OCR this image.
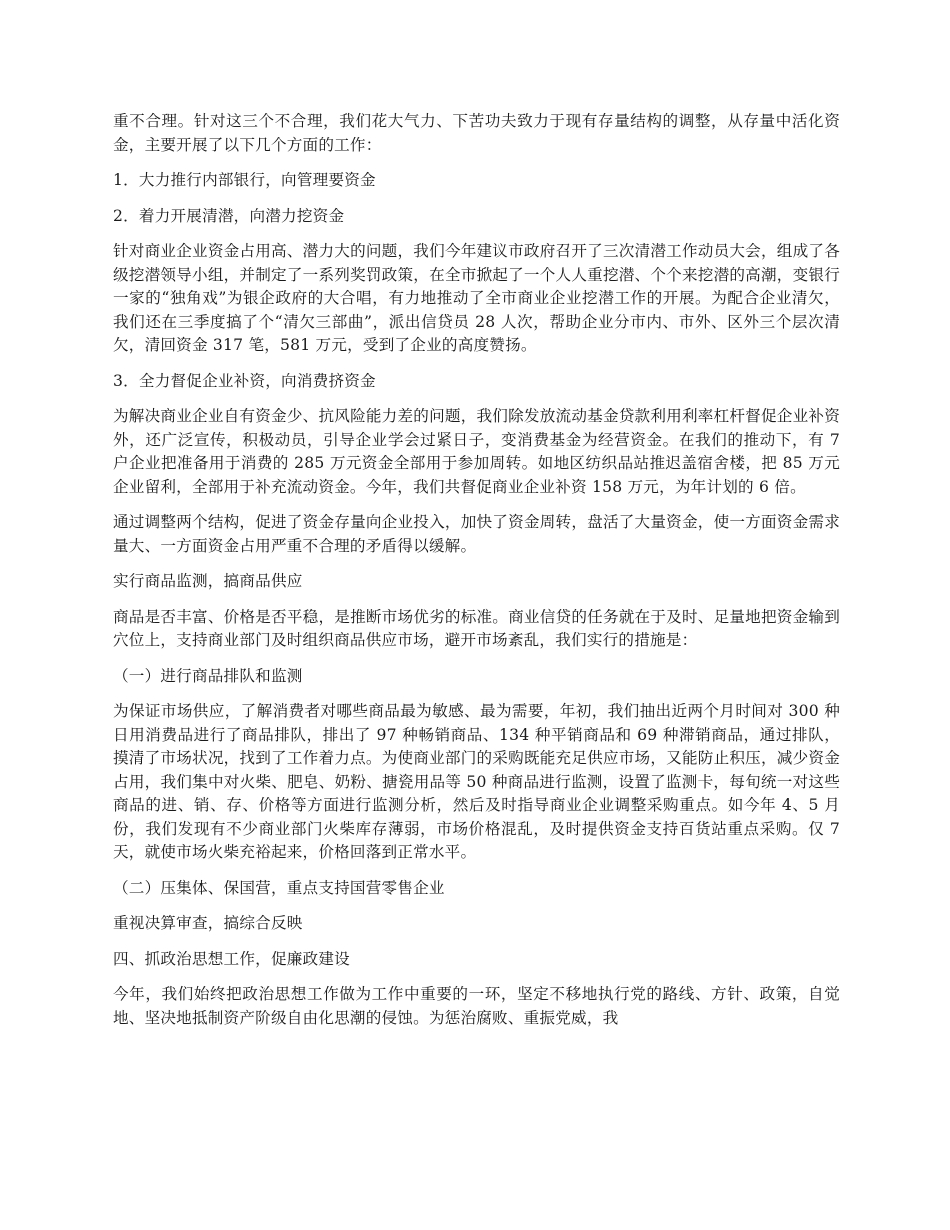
重不合理。针对这三个不合理，我们花大气力、下苦功夫致力于现有存量结构的调整，从存量中活化资金，主要开展了以下几个方面的工作：

1．大力推行内部银行，向管理要资金

2．着力开展清潜，向潜力挖资金

针对商业企业资金占用高、潜力大的问题，我们今年建议市政府召开了三次清潜工作动员大会，组成了各级挖潜领导小组，并制定了一系列奖罚政策，在全市掀起了一个人人重挖潜、个个来挖潜的高潮，变银行一家的“独角戏”为银企政府的大合唱，有力地推动了全市商业企业挖潜工作的开展。为配合企业清欠，我们还在三季度搞了个“清欠三部曲”，派出信贷员 28 人次，帮助企业分市内、市外、区外三个层次清欠，清回资金 317 笔，581 万元，受到了企业的高度赞扬。

3．全力督促企业补资，向消费挤资金

为解决商业企业自有资金少、抗风险能力差的问题，我们除发放流动基金贷款利用利率杠杆督促企业补资外，还广泛宣传，积极动员，引导企业学会过紧日子，变消费基金为经营资金。在我们的推动下，有 7 户企业把准备用于消费的 285 万元资金全部用于参加周转。如地区纺织品站推迟盖宿舍楼，把 85 万元企业留利，全部用于补充流动资金。今年，我们共督促商业企业补资 158 万元，为年计划的 6 倍。

通过调整两个结构，促进了资金存量向企业投入，加快了资金周转，盘活了大量资金，使一方面资金需求量大、一方面资金占用严重不合理的矛盾得以缓解。

实行商品监测，搞商品供应

商品是否丰富、价格是否平稳，是推断市场优劣的标准。商业信贷的任务就在于及时、足量地把资金输到穴位上，支持商业部门及时组织商品供应市场，避开市场紊乱，我们实行的措施是：

（一）进行商品排队和监测

为保证市场供应，了解消费者对哪些商品最为敏感、最为需要，年初，我们抽出近两个月时间对 300 种日用消费品进行了商品排队，排出了 97 种畅销商品、134 种平销商品和 69 种滞销商品，通过排队，摸清了市场状况，找到了工作着力点。为使商业部门的采购既能充足供应市场，又能防止积压，减少资金占用，我们集中对火柴、肥皂、奶粉、搪瓷用品等 50 种商品进行监测，设置了监测卡，每旬统一对这些商品的进、销、存、价格等方面进行监测分析，然后及时指导商业企业调整采购重点。如今年 4、5 月份，我们发现有不少商业部门火柴库存薄弱，市场价格混乱，及时提供资金支持百货站重点采购。仅 7 天，就使市场火柴充裕起来，价格回落到正常水平。

（二）压集体、保国营，重点支持国营零售企业

重视决算审查，搞综合反映

四、抓政治思想工作，促廉政建设

今年，我们始终把政治思想工作做为工作中重要的一环，坚定不移地执行党的路线、方针、政策，自觉地、坚决地抵制资产阶级自由化思潮的侵蚀。为惩治腐败、重振党威，我
